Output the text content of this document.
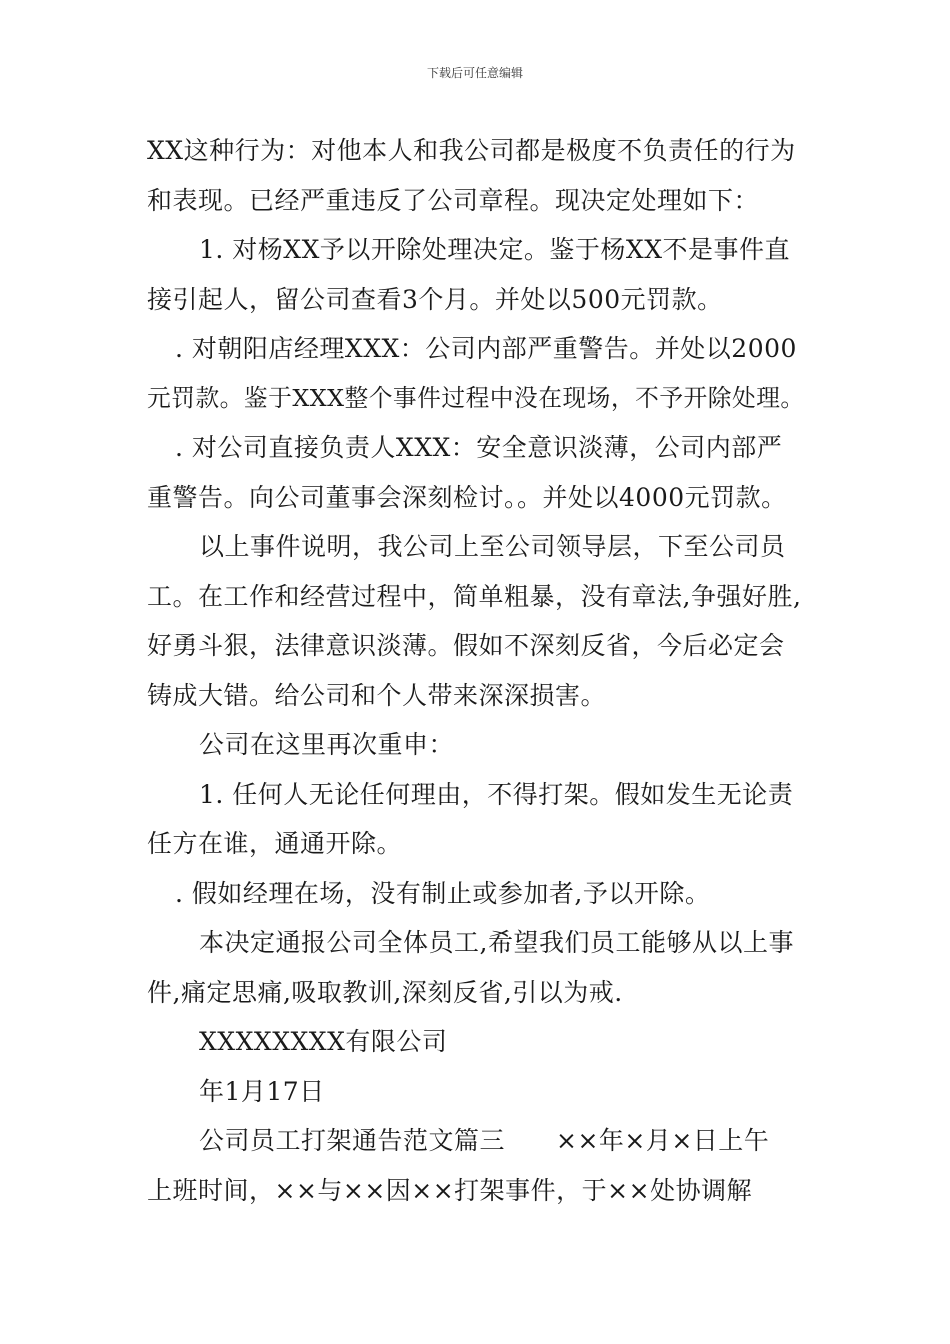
下载后可任意编辑
XX这种行为：对他本人和我公司都是极度不负责任的行为
和表现。已经严重违反了公司章程。现决定处理如下：
1. 对杨XX予以开除处理决定。鉴于杨XX不是事件直
接引起人，留公司查看3个月。并处以500元罚款。
. 对朝阳店经理XXX：公司内部严重警告。并处以2000
元罚款。鉴于XXX整个事件过程中没在现场，不予开除处理。
. 对公司直接负责人XXX：安全意识淡薄，公司内部严
重警告。向公司董事会深刻检讨。。并处以4000元罚款。
以上事件说明，我公司上至公司领导层，下至公司员
工。在工作和经营过程中，简单粗暴，没有章法,争强好胜,
好勇斗狠，法律意识淡薄。假如不深刻反省，今后必定会
铸成大错。给公司和个人带来深深损害。
公司在这里再次重申：
1. 任何人无论任何理由，不得打架。假如发生无论责
任方在谁，通通开除。
. 假如经理在场，没有制止或参加者,予以开除。
本决定通报公司全体员工,希望我们员工能够从以上事
件,痛定思痛,吸取教训,深刻反省,引以为戒.
XXXXXXXX有限公司
年1月17日
公司员工打架通告范文篇三　　××年×月×日上午
上班时间，××与××因××打架事件，于××处协调解
